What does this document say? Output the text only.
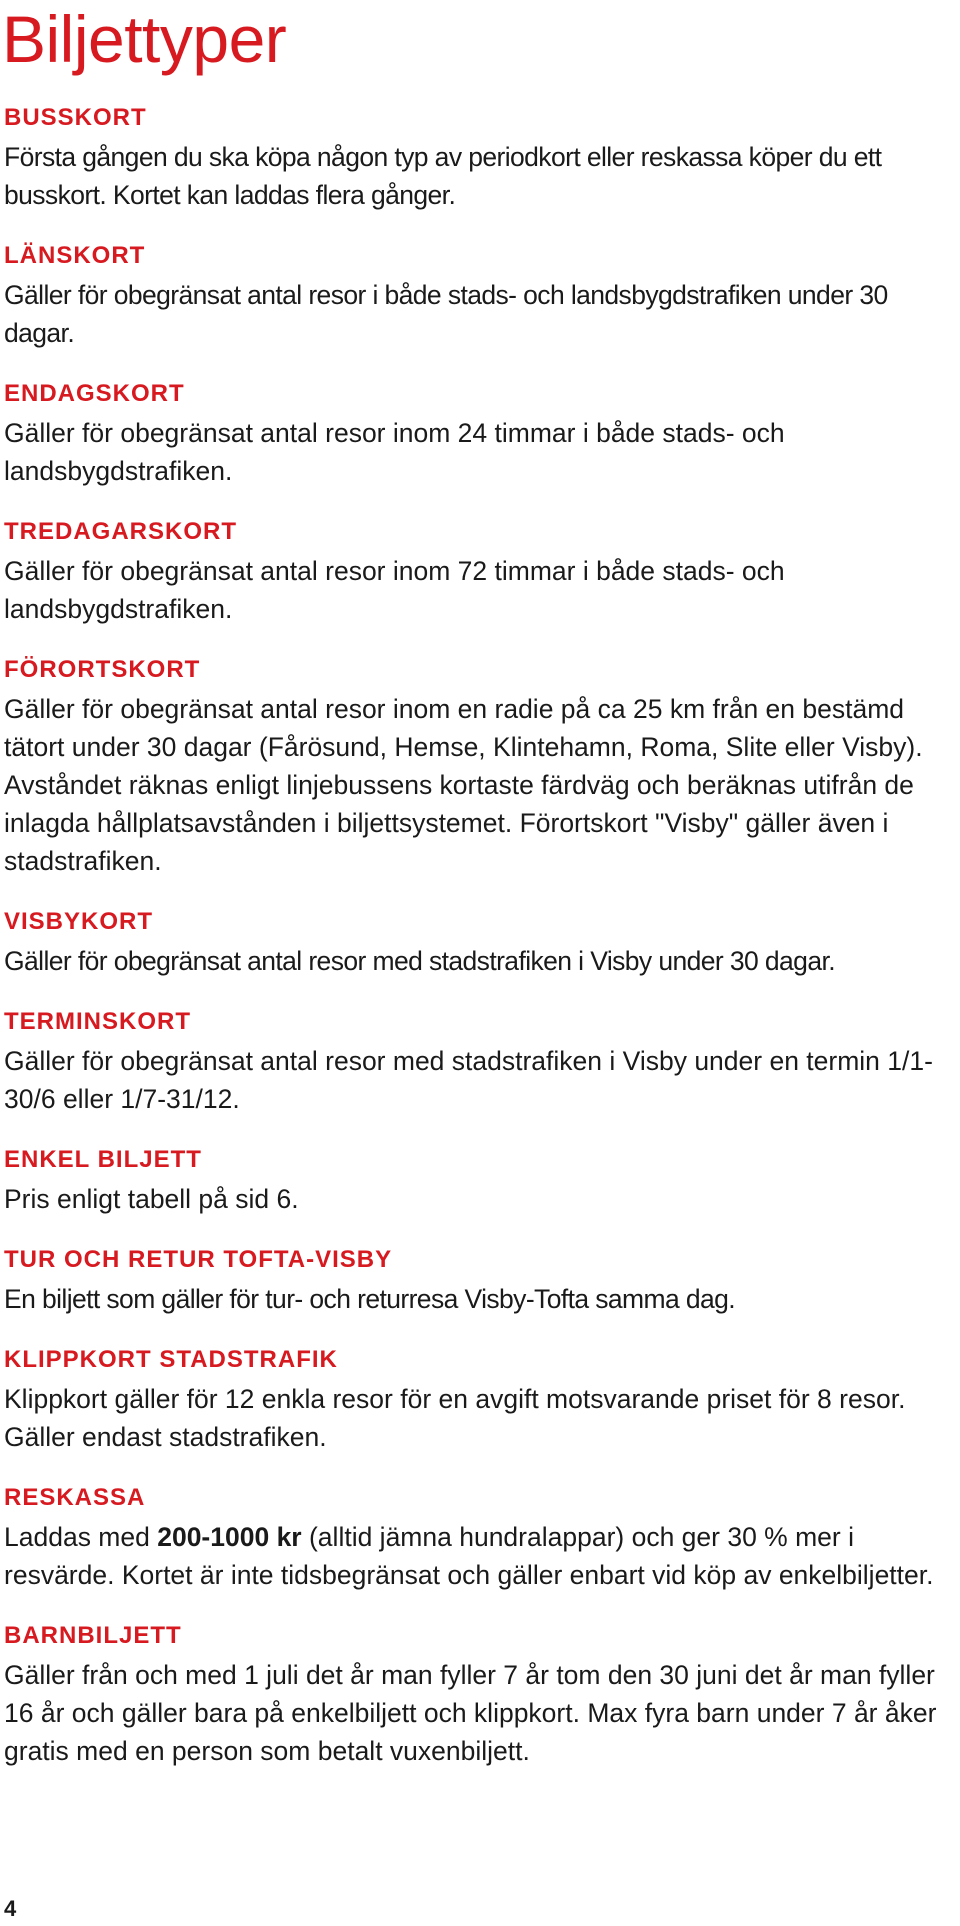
Biljettyper
BUSSKORT

Första gången du ska köpa någon typ av periodkort eller reskassa köper du ett busskort. Kortet kan laddas flera gånger.

LÄNSKORT

Gäller för obegränsat antal resor i både stads- och landsbygdstrafiken under 30 dagar.

ENDAGSKORT

Gäller för obegränsat antal resor inom 24 timmar i både stads- och landsbygdstrafiken.

TREDAGARSKORT

Gäller för obegränsat antal resor inom 72 timmar i både stads- och landsbygdstrafiken.

FÖRORTSKORT

Gäller för obegränsat antal resor inom en radie på ca 25 km från en bestämd tätort under 30 dagar (Fårösund, Hemse, Klintehamn, Roma, Slite eller Visby). Avståndet räknas enligt linjebussens kortaste färdväg och beräknas utifrån de inlagda hållplatsavstånden i biljettsystemet. Förortskort "Visby" gäller även i stadstrafiken.

VISBYKORT

Gäller för obegränsat antal resor med stadstrafiken i Visby under 30 dagar.

TERMINSKORT

Gäller för obegränsat antal resor med stadstrafiken i Visby under en termin 1/1-30/6 eller 1/7-31/12.

ENKEL BILJETT

Pris enligt tabell på sid 6.

TUR OCH RETUR TOFTA-VISBY

En biljett som gäller för tur- och returresa Visby-Tofta samma dag.

KLIPPKORT STADSTRAFIK

Klippkort gäller för 12 enkla resor för en avgift motsvarande priset för 8 resor. Gäller endast stadstrafiken.

RESKASSA

Laddas med 200-1000 kr (alltid jämna hundralappar) och ger 30 % mer i resvärde. Kortet är inte tidsbegränsat och gäller enbart vid köp av enkelbiljetter.

BARNBILJETT

Gäller från och med 1 juli det år man fyller 7 år tom den 30 juni det år man fyller 16 år och gäller bara på enkelbiljett och klippkort. Max fyra barn under 7 år åker gratis med en person som betalt vuxenbiljett.

4
